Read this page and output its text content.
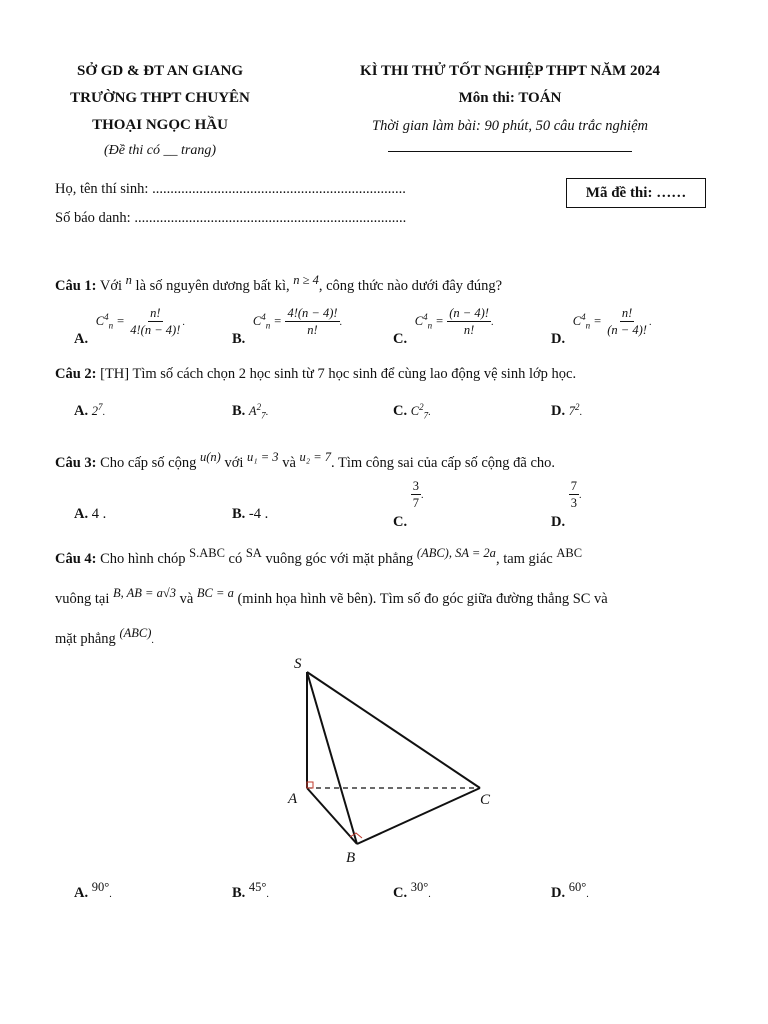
SỞ GD & ĐT AN GIANG
TRƯỜNG THPT CHUYÊN
THOẠI NGỌC HẦU
(Đề thi có __ trang)
KÌ THI THỬ TỐT NGHIỆP THPT NĂM 2024
Môn thi: TOÁN
Thời gian làm bài: 90 phút, 50 câu trắc nghiệm
Họ, tên thí sinh: ......................................................................
Số báo danh: ...........................................................................
Mã đề thi: ……
Câu 1: Với $^n$ là số nguyên dương bất kì, $^{n \ge 4}$, công thức nào dưới đây đúng?
A. $C^4_n = \frac{n!}{4!(n - 4)!}$ .
B. $C^4_n = \frac{4!(n - 4)!}{n!}$ .
C. $C^4_n = \frac{(n - 4)!}{n!}$ .
D. $C^4_n = \frac{n!}{(n - 4)!}$ .
Câu 2: [TH] Tìm số cách chọn 2 học sinh từ 7 học sinh để cùng lao động vệ sinh lớp học.
A. $2^7$.	B. $A^2_7$.	C. $C^2_7$.	D. $7^2$.
Câu 3: Cho cấp số cộng $^{u(n)}$ với $^{u_1 = 3}$ và $^{u_2 = 7}$. Tìm công sai của cấp số cộng đã cho.
A. 4 .	B. -4 .	C.
$\frac{3}{7}$ .
D.
$\frac{7}{3}$ .
Câu 4: Cho hình chóp $^{S.ABC}$ có $^{SA}$ vuông góc với mặt phẳng $^{(ABC), SA = 2a}$, tam giác $^{ABC}$
vuông tại $^{B, AB = a√3}$ và $^{BC = a}$ (minh họa hình vẽ bên). Tìm số đo góc giữa đường thẳng SC và
mặt phẳng $^{(ABC)}$.
S
A
B
C
A. $^{90^\circ}$.	B. $^{45^\circ}$.	C. $^{30^\circ}$.	D. $^{60^\circ}$.
